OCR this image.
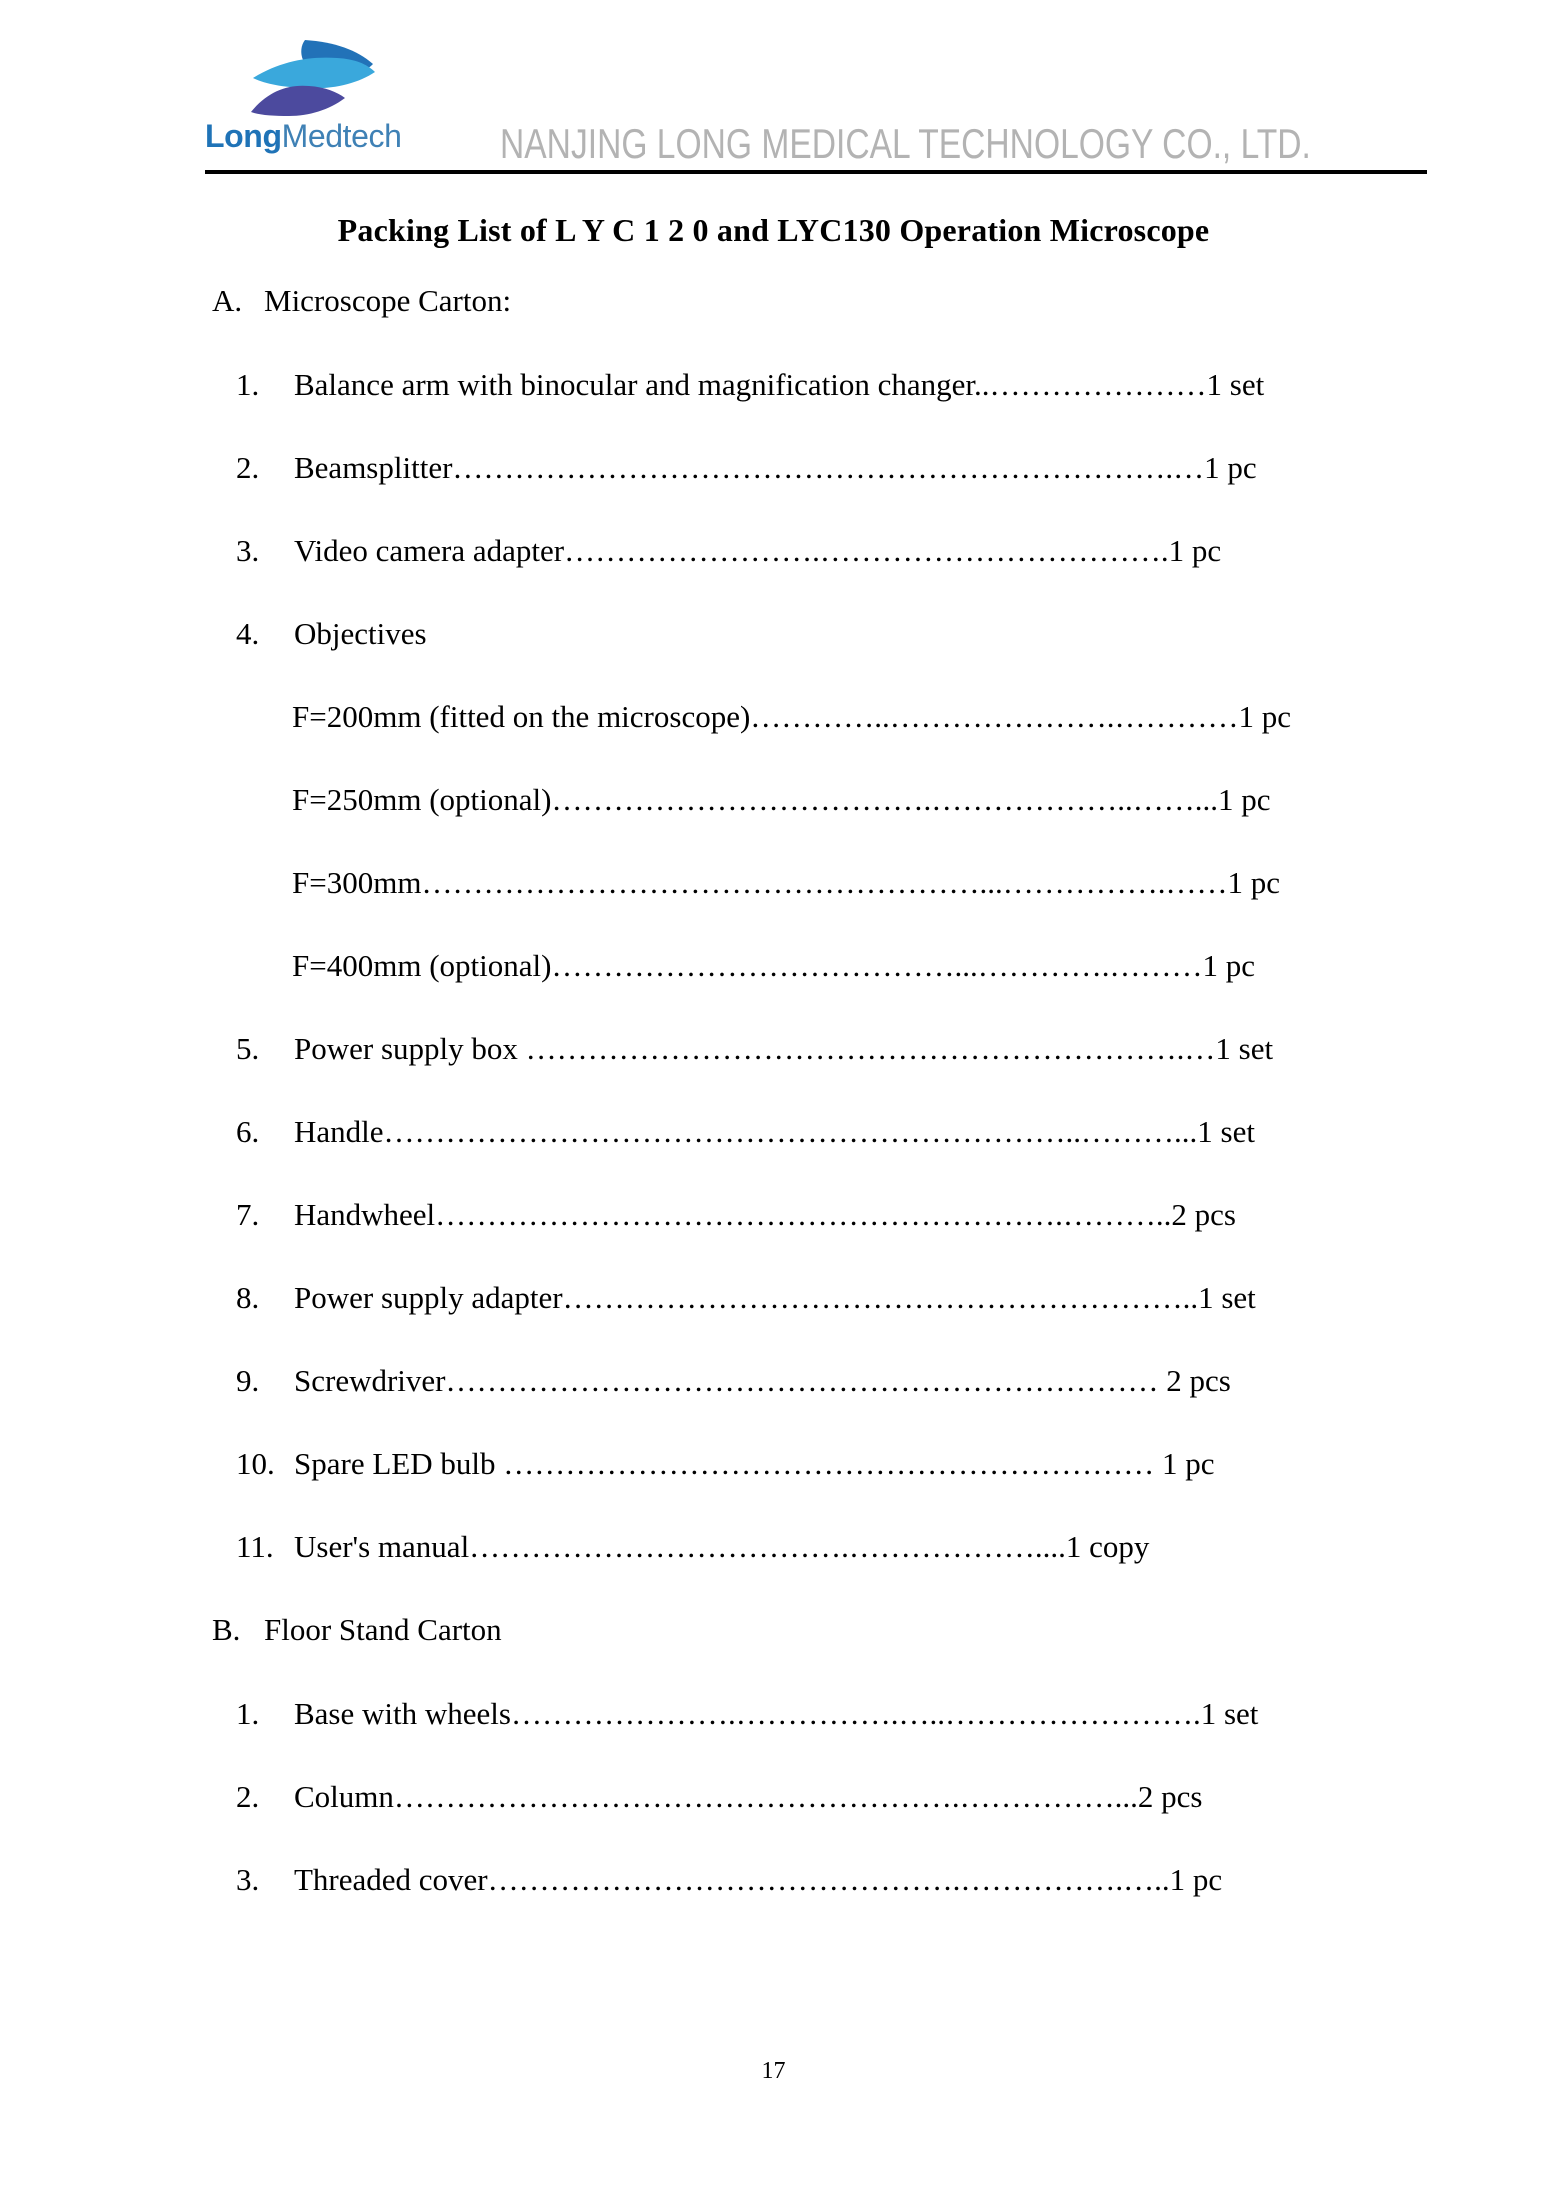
LongMedtech	NANJING LONG MEDICAL TECHNOLOGY CO., LTD.
Packing List of L Y C 1 2 0 and LYC130 Operation Microscope
A. Microscope Carton:
1. Balance arm with binocular and magnification changer..…………………1 set
2. Beamsplitter…………………………………………………………….…1 pc
3. Video camera adapter…………………….…………………………….1 pc
4. Objectives
F=200mm (fitted on the microscope)…………..………………….…………1 pc
F=250mm (optional)……………………………….………………..……...1 pc
F=300mm………………………………………………...…………….……1 pc
F=400mm (optional)…………………………………...………….………1 pc
5. Power supply box ……………………………………………………….…1 set
6. Handle…………………………………………………………..………...1 set
7. Handwheel…………………………………………………….………..2 pcs
8. Power supply adapter……………………………………………………..1 set
9. Screwdriver…………………………………………………………… 2 pcs
10. Spare LED bulb ……………………………………………………… 1 pc
11. User's manual……………………………….………………....1 copy
B. Floor Stand Carton
1. Base with wheels………………….…………….…..…………………….1 set
2. Column……………………………………………….……………...2 pcs
3. Threaded cover……………………………………….…………….…..1 pc
17
